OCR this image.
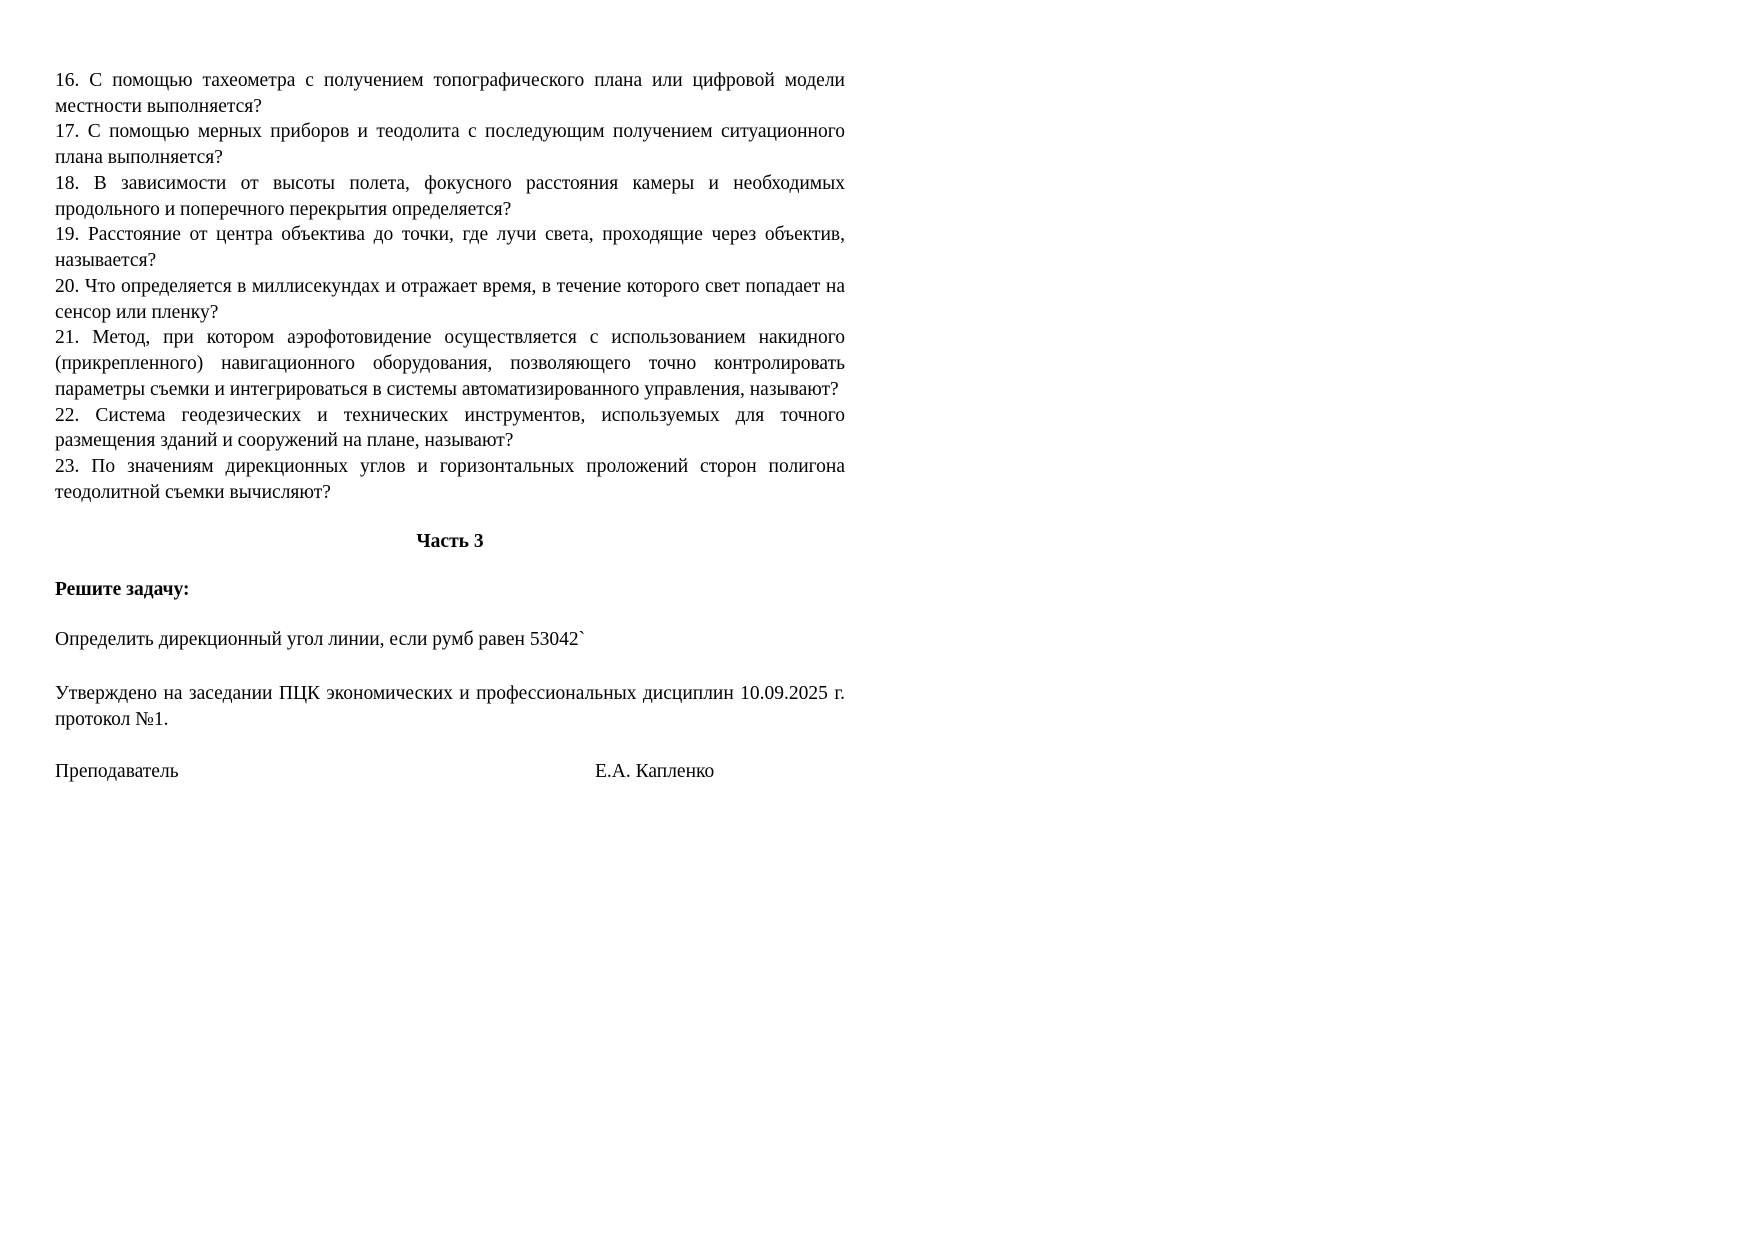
16. С помощью тахеометра с получением топографического плана или цифровой модели местности выполняется?

17. С помощью мерных приборов и теодолита с последующим получением ситуационного плана выполняется?

18. В зависимости от высоты полета, фокусного расстояния камеры и необходимых продольного и поперечного перекрытия определяется?

19. Расстояние от центра объектива до точки, где лучи света, проходящие через объектив, называется?

20. Что определяется в миллисекундах и отражает время, в течение которого свет попадает на сенсор или пленку?

21. Метод, при котором аэрофотовидение осуществляется с использованием накидного (прикрепленного) навигационного оборудования, позволяющего точно контролировать параметры съемки и интегрироваться в системы автоматизированного управления, называют?

22. Система геодезических и технических инструментов, используемых для точного размещения зданий и сооружений на плане, называют?

23. По значениям дирекционных углов и горизонтальных проложений сторон полигона теодолитной съемки вычисляют?

Часть 3

Решите задачу:

Определить дирекционный угол линии, если румб равен 53042`

Утверждено на заседании ПЦК экономических и профессиональных дисциплин 10.09.2025 г. протокол №1.

Преподаватель	Е.А. Капленко
